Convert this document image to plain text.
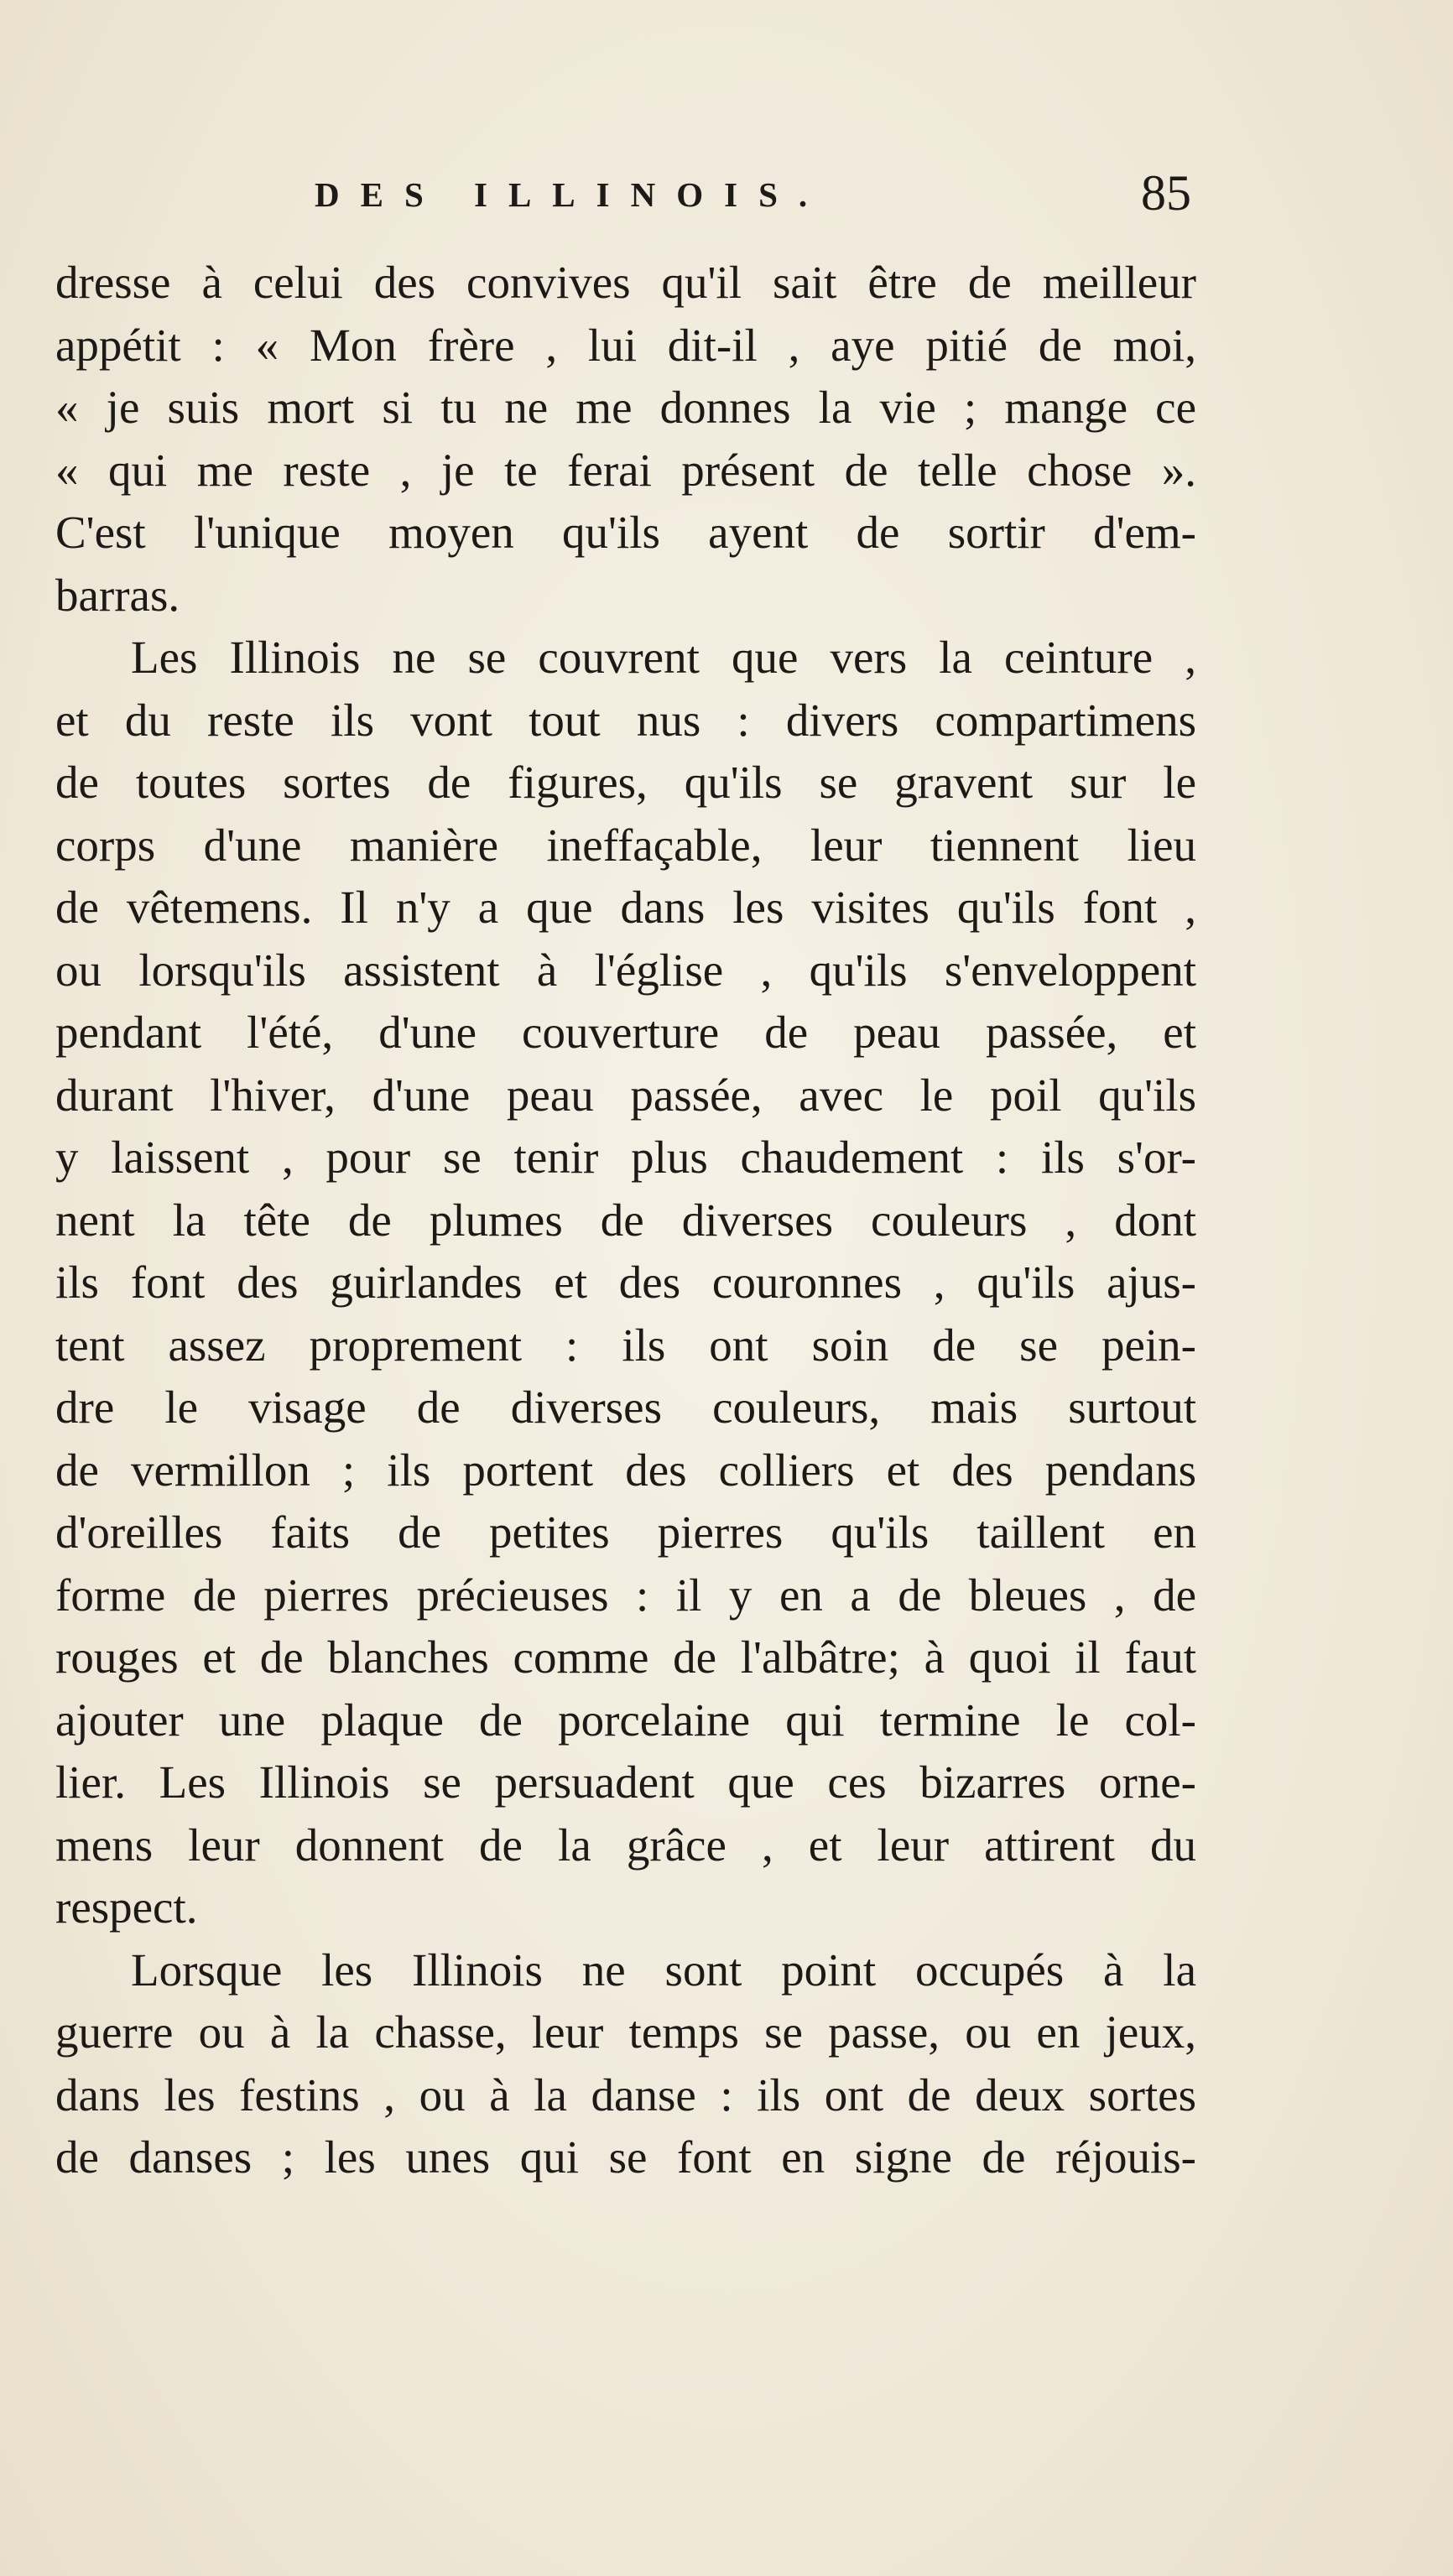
DES ILLINOIS.	85
dresse à celui des convives qu'il sait être de meilleur
appétit : « Mon frère , lui dit-il , aye pitié de moi,
« je suis mort si tu ne me donnes la vie ; mange ce
« qui me reste , je te ferai présent de telle chose ».
C'est l'unique moyen qu'ils ayent de sortir d'em-
barras.
Les Illinois ne se couvrent que vers la ceinture ,
et du reste ils vont tout nus : divers compartimens
de toutes sortes de figures, qu'ils se gravent sur le
corps d'une manière ineffaçable, leur tiennent lieu
de vêtemens. Il n'y a que dans les visites qu'ils font ,
ou lorsqu'ils assistent à l'église , qu'ils s'enveloppent
pendant l'été, d'une couverture de peau passée, et
durant l'hiver, d'une peau passée, avec le poil qu'ils
y laissent , pour se tenir plus chaudement : ils s'or-
nent la tête de plumes de diverses couleurs , dont
ils font des guirlandes et des couronnes , qu'ils ajus-
tent assez proprement : ils ont soin de se pein-
dre le visage de diverses couleurs, mais surtout
de vermillon ; ils portent des colliers et des pendans
d'oreilles faits de petites pierres qu'ils taillent en
forme de pierres précieuses : il y en a de bleues , de
rouges et de blanches comme de l'albâtre; à quoi il faut
ajouter une plaque de porcelaine qui termine le col-
lier. Les Illinois se persuadent que ces bizarres orne-
mens leur donnent de la grâce , et leur attirent du
respect.
Lorsque les Illinois ne sont point occupés à la
guerre ou à la chasse, leur temps se passe, ou en jeux,
dans les festins , ou à la danse : ils ont de deux sortes
de danses ; les unes qui se font en signe de réjouis-
